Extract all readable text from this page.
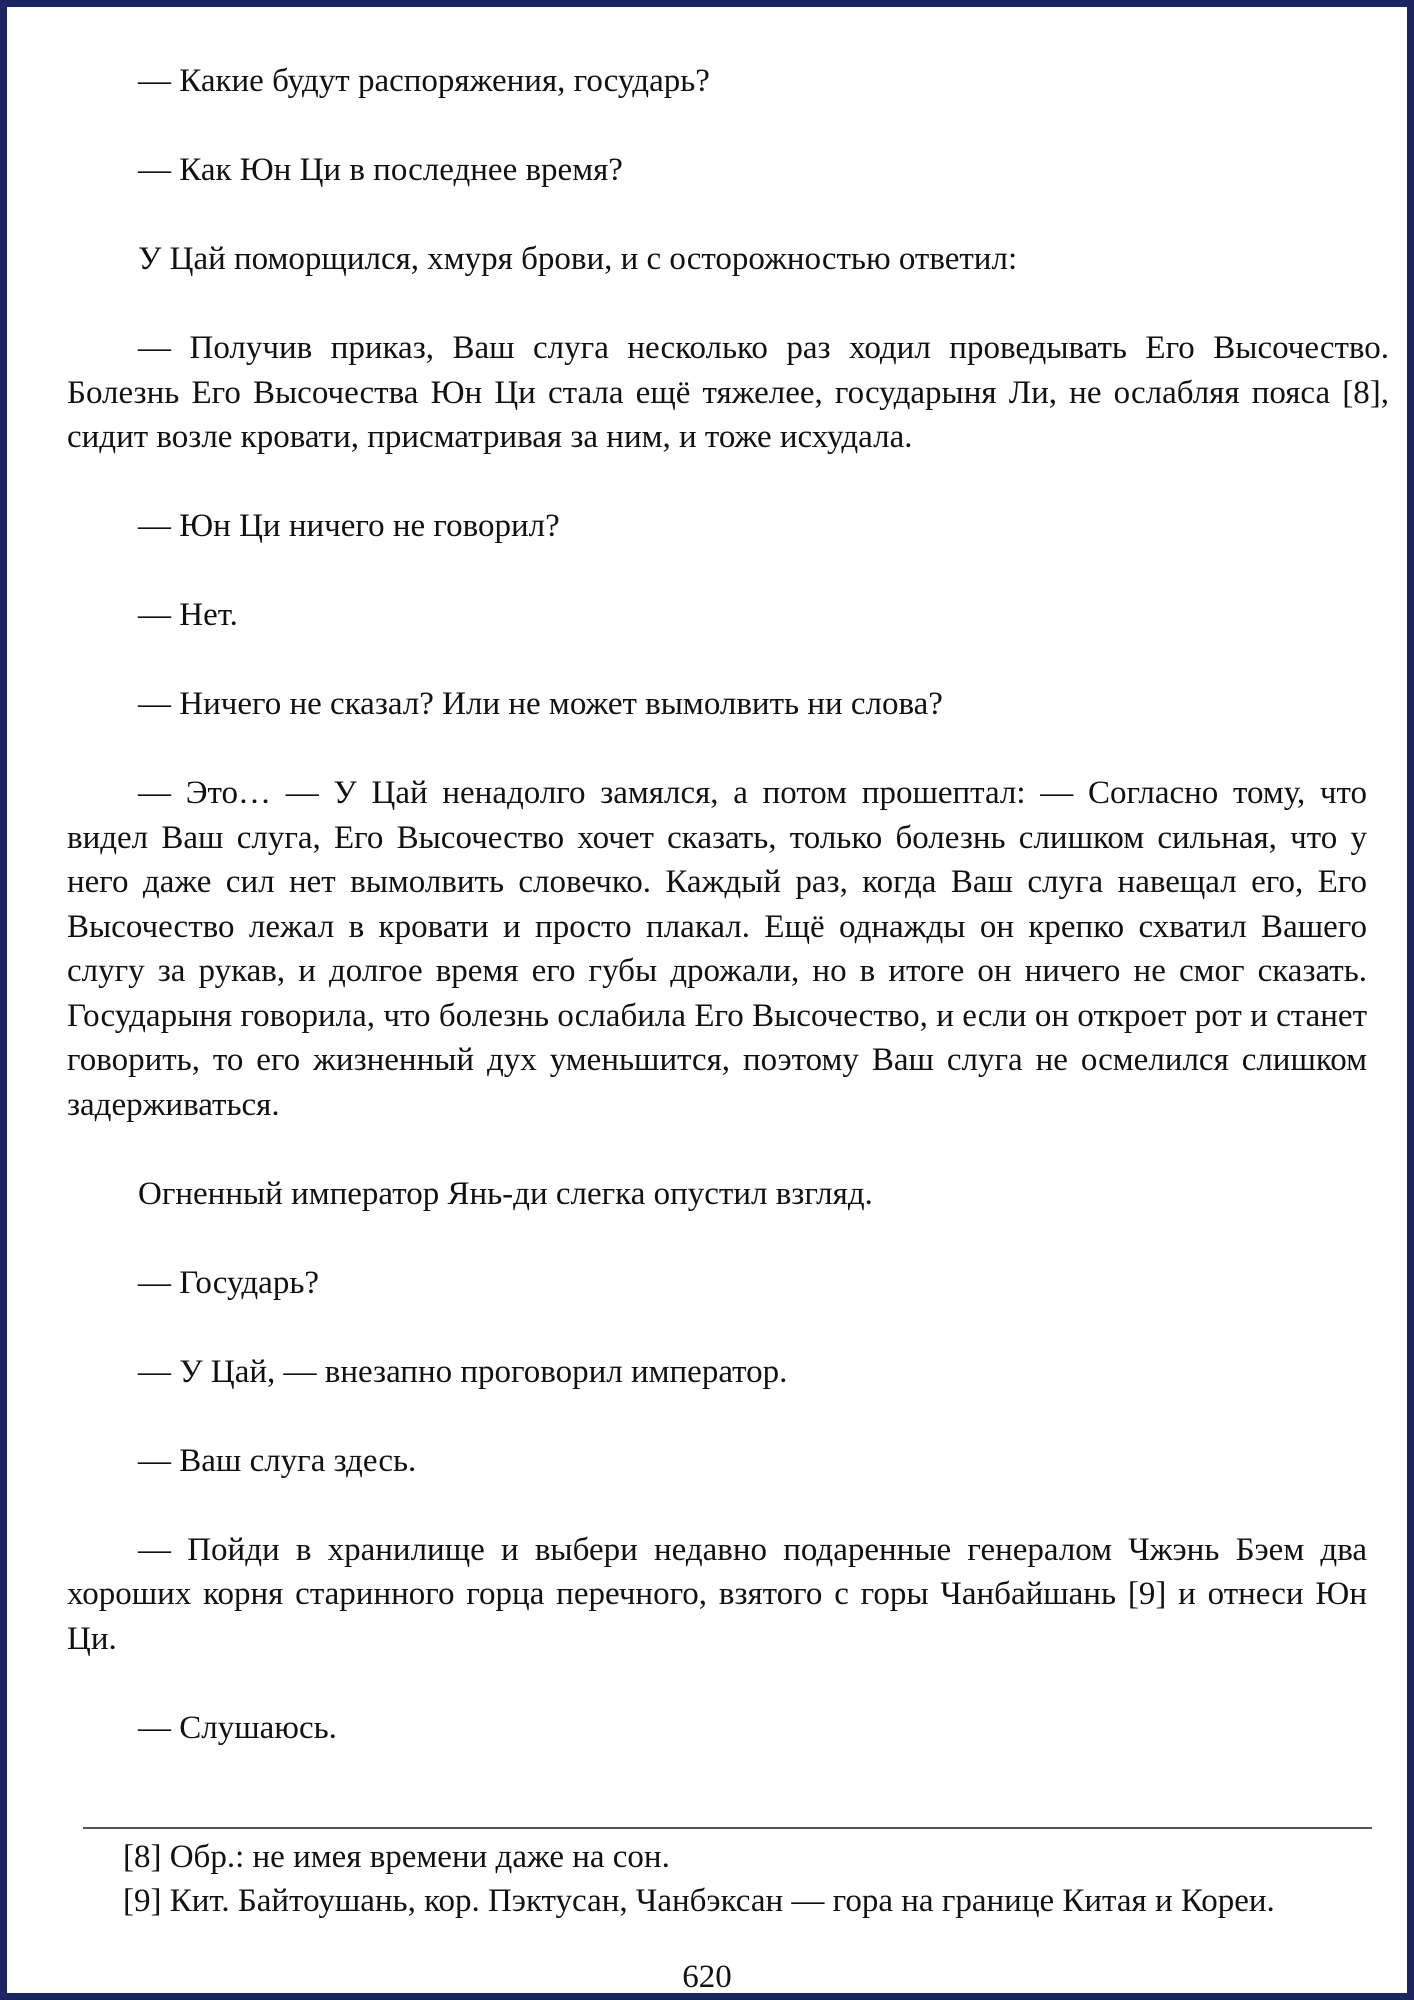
— Какие будут распоряжения, государь?

— Как Юн Ци в последнее время?

У Цай поморщился, хмуря брови, и с осторожностью ответил:

— Получив приказ, Ваш слуга несколько раз ходил проведывать Его Высочество. Болезнь Его Высочества Юн Ци стала ещё тяжелее, государыня Ли, не ослабляя пояса [8], сидит возле кровати, присматривая за ним, и тоже исхудала.

— Юн Ци ничего не говорил?

— Нет.

— Ничего не сказал? Или не может вымолвить ни слова?

— Это… — У Цай ненадолго замялся, а потом прошептал: — Согласно тому, что видел Ваш слуга, Его Высочество хочет сказать, только болезнь слишком сильная, что у него даже сил нет вымолвить словечко. Каждый раз, когда Ваш слуга навещал его, Его Высочество лежал в кровати и просто плакал. Ещё однажды он крепко схватил Вашего слугу за рукав, и долгое время его губы дрожали, но в итоге он ничего не смог сказать. Государыня говорила, что болезнь ослабила Его Высочество, и если он откроет рот и станет говорить, то его жизненный дух уменьшится, поэтому Ваш слуга не осмелился слишком задерживаться.

Огненный император Янь-ди слегка опустил взгляд.

— Государь?

— У Цай, — внезапно проговорил император.

— Ваш слуга здесь.

— Пойди в хранилище и выбери недавно подаренные генералом Чжэнь Бэем два хороших корня старинного горца перечного, взятого с горы Чанбайшань [9] и отнеси Юн Ци.

— Слушаюсь.

[8] Обр.: не имея времени даже на сон.

[9] Кит. Байтоушань, кор. Пэктусан, Чанбэксан — гора на границе Китая и Кореи.

620
